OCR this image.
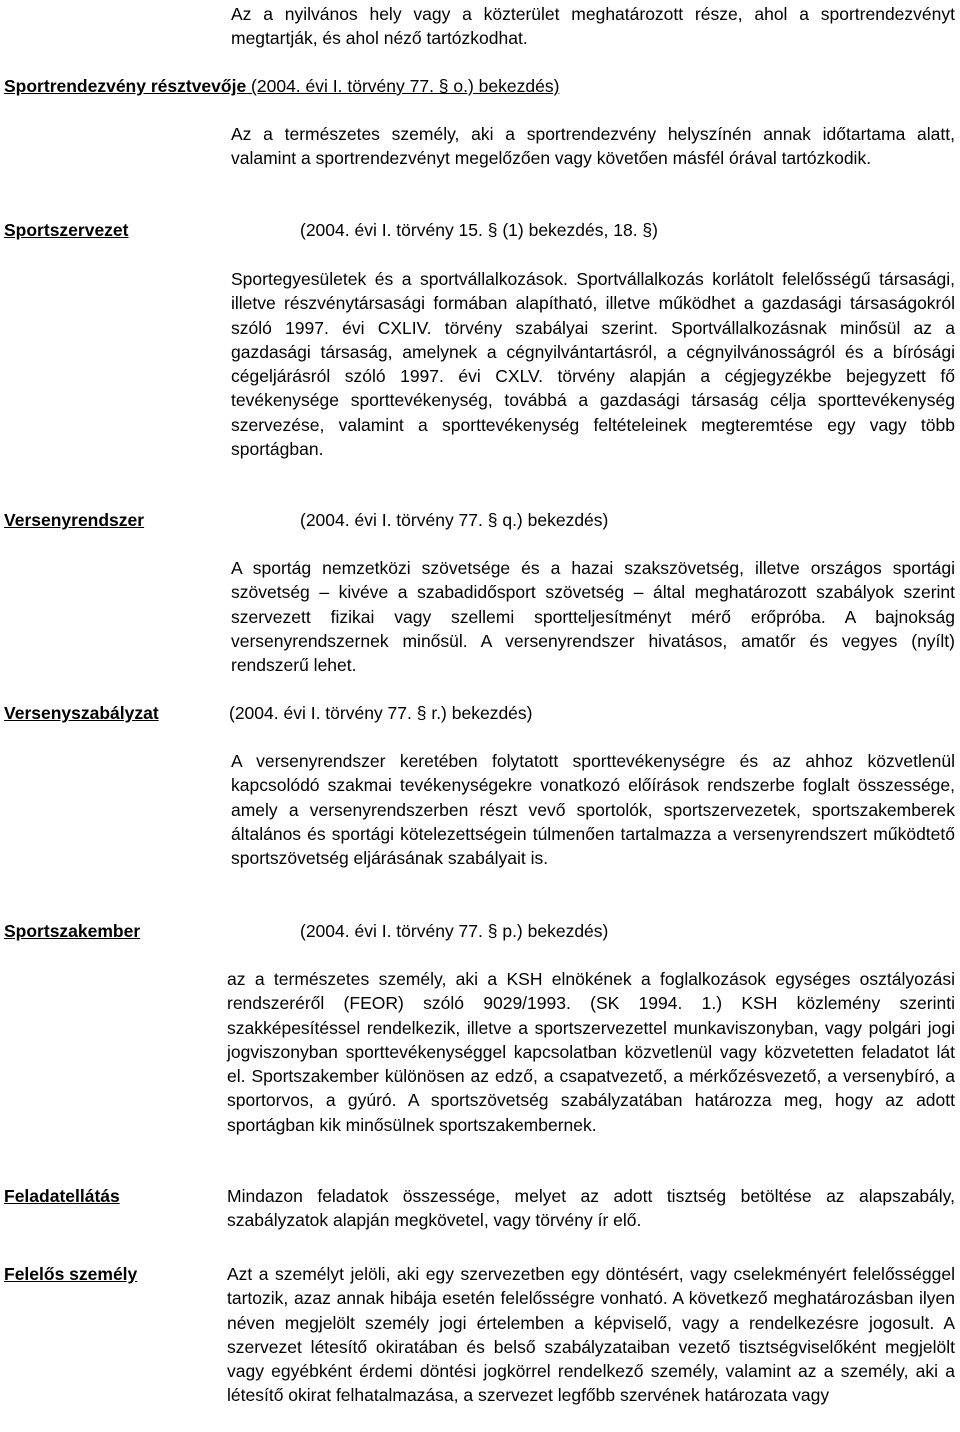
Az a nyilvános hely vagy a közterület meghatározott része, ahol a sportrendezvényt megtartják, és ahol néző tartózkodhat.

Sportrendezvény résztvevője (2004. évi I. törvény 77. § o.) bekezdés)

Az a természetes személy, aki a sportrendezvény helyszínén annak időtartama alatt, valamint a sportrendezvényt megelőzően vagy követően másfél órával tartózkodik.

Sportszervezet	(2004. évi I. törvény 15. § (1) bekezdés, 18. §)

Sportegyesületek és a sportvállalkozások. Sportvállalkozás korlátolt felelősségű társasági, illetve részvénytársasági formában alapítható, illetve működhet a gazdasági társaságokról szóló 1997. évi CXLIV. törvény szabályai szerint. Sportvállalkozásnak minősül az a gazdasági társaság, amelynek a cégnyilvántartásról, a cégnyilvánosságról és a bírósági cégeljárásról szóló 1997. évi CXLV. törvény alapján a cégjegyzékbe bejegyzett fő tevékenysége sporttevékenység, továbbá a gazdasági társaság célja sporttevékenység szervezése, valamint a sporttevékenység feltételeinek megteremtése egy vagy több sportágban.

Versenyrendszer	(2004. évi I. törvény 77. § q.) bekezdés)

A sportág nemzetközi szövetsége és a hazai szakszövetség, illetve országos sportági szövetség – kivéve a szabadidősport szövetség – által meghatározott szabályok szerint szervezett fizikai vagy szellemi sportteljesítményt mérő erőpróba. A bajnokság versenyrendszernek minősül. A versenyrendszer hivatásos, amatőr és vegyes (nyílt) rendszerű lehet.

Versenyszabályzat	(2004. évi I. törvény 77. § r.) bekezdés)

A versenyrendszer keretében folytatott sporttevékenységre és az ahhoz közvetlenül kapcsolódó szakmai tevékenységekre vonatkozó előírások rendszerbe foglalt összessége, amely a versenyrendszerben részt vevő sportolók, sportszervezetek, sportszakemberek általános és sportági kötelezettségein túlmenően tartalmazza a versenyrendszert működtető sportszövetség eljárásának szabályait is.

Sportszakember	(2004. évi I. törvény 77. § p.) bekezdés)

az a természetes személy, aki a KSH elnökének a foglalkozások egységes osztályozási rendszeréről (FEOR) szóló 9029/1993. (SK 1994. 1.) KSH közlemény szerinti szakképesítéssel rendelkezik, illetve a sportszervezettel munkaviszonyban, vagy polgári jogi jogviszonyban sporttevékenységgel kapcsolatban közvetlenül vagy közvetetten feladatot lát el. Sportszakember különösen az edző, a csapatvezető, a mérkőzésvezető, a versenybíró, a sportorvos, a gyúró. A sportszövetség szabályzatában határozza meg, hogy az adott sportágban kik minősülnek sportszakembernek.

Feladatellátás	Mindazon feladatok összessége, melyet az adott tisztség betöltése az alapszabály, szabályzatok alapján megkövetel, vagy törvény ír elő.

Felelős személy	Azt a személyt jelöli, aki egy szervezetben egy döntésért, vagy cselekményért felelősséggel tartozik, azaz annak hibája esetén felelősségre vonható. A következő meghatározásban ilyen néven megjelölt személy jogi értelemben a képviselő, vagy a rendelkezésre jogosult. A szervezet létesítő okiratában és belső szabályzataiban vezető tisztségviselőként megjelölt vagy egyébként érdemi döntési jogkörrel rendelkező személy, valamint az a személy, aki a létesítő okirat felhatalmazása, a szervezet legfőbb szervének határozata vagy
